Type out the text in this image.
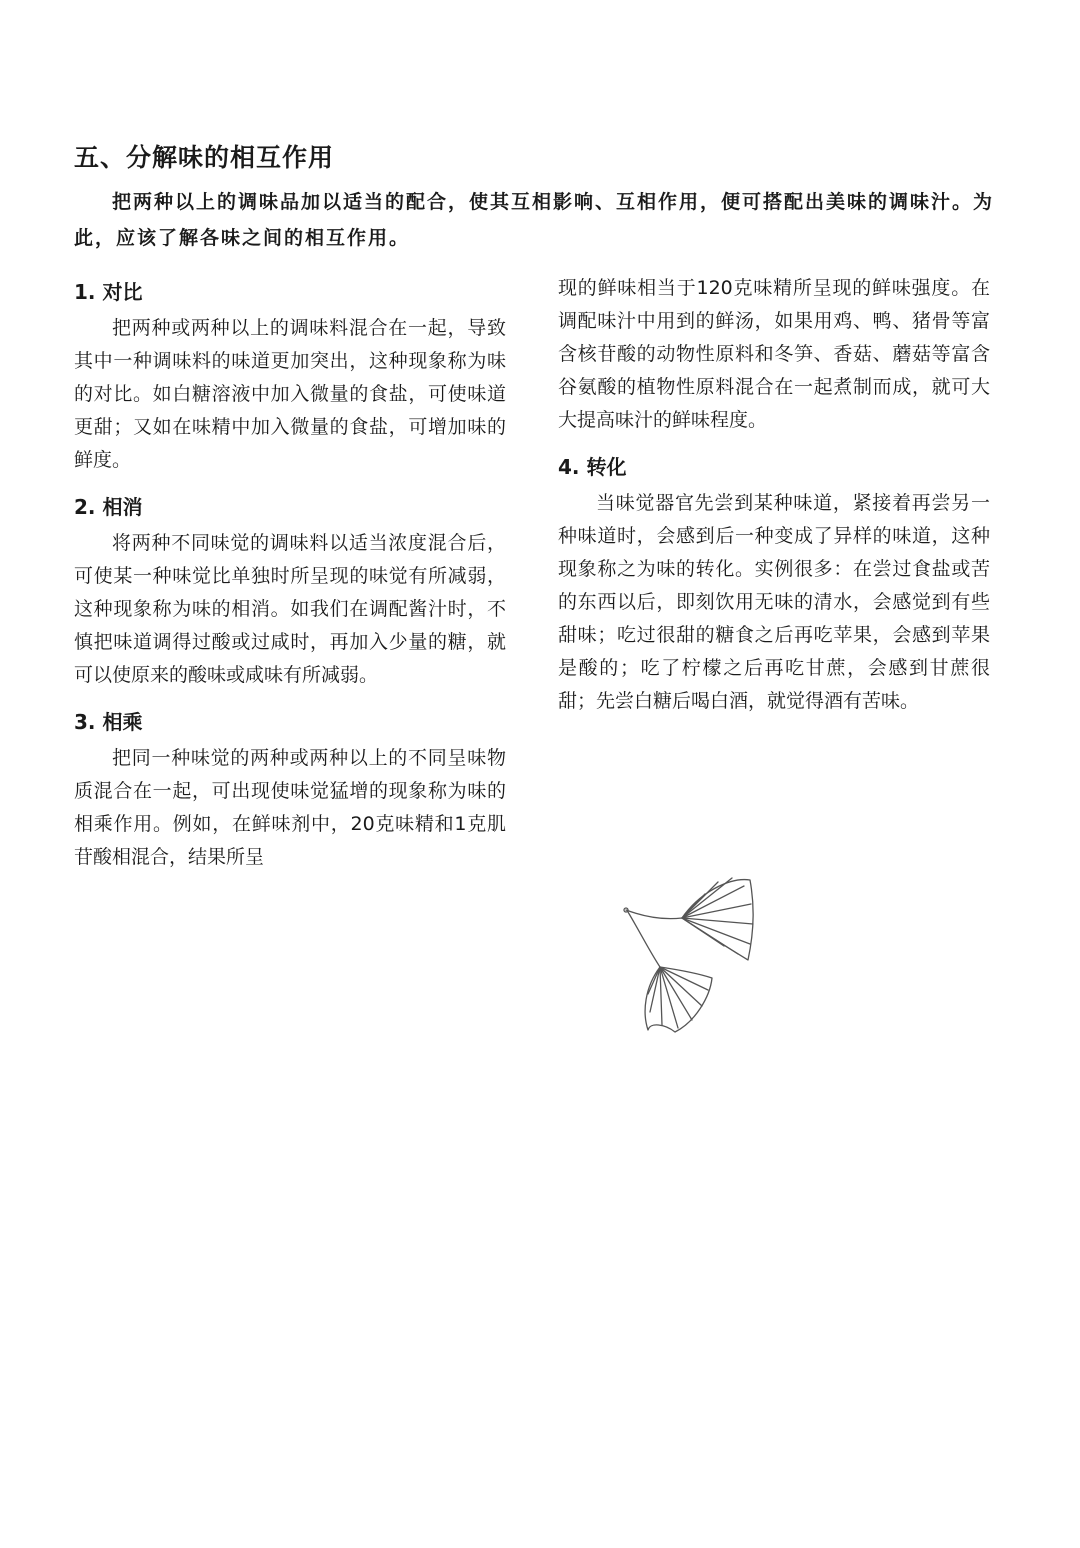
五、分解味的相互作用

把两种以上的调味品加以适当的配合，使其互相影响、互相作用，便可搭配出美味的调味汁。为此，应该了解各味之间的相互作用。

1. 对比

把两种或两种以上的调味料混合在一起，导致其中一种调味料的味道更加突出，这种现象称为味的对比。如白糖溶液中加入微量的食盐，可使味道更甜；又如在味精中加入微量的食盐，可增加味的鲜度。

2. 相消

将两种不同味觉的调味料以适当浓度混合后，可使某一种味觉比单独时所呈现的味觉有所减弱，这种现象称为味的相消。如我们在调配酱汁时，不慎把味道调得过酸或过咸时，再加入少量的糖，就可以使原来的酸味或咸味有所减弱。

3. 相乘

把同一种味觉的两种或两种以上的不同呈味物质混合在一起，可出现使味觉猛增的现象称为味的相乘作用。例如，在鲜味剂中，20克味精和1克肌苷酸相混合，结果所呈

现的鲜味相当于120克味精所呈现的鲜味强度。在调配味汁中用到的鲜汤，如果用鸡、鸭、猪骨等富含核苷酸的动物性原料和冬笋、香菇、蘑菇等富含谷氨酸的植物性原料混合在一起煮制而成，就可大大提高味汁的鲜味程度。

4. 转化

当味觉器官先尝到某种味道，紧接着再尝另一种味道时，会感到后一种变成了异样的味道，这种现象称之为味的转化。实例很多：在尝过食盐或苦的东西以后，即刻饮用无味的清水，会感觉到有些甜味；吃过很甜的糖食之后再吃苹果，会感到苹果是酸的；吃了柠檬之后再吃甘蔗，会感到甘蔗很甜；先尝白糖后喝白酒，就觉得酒有苦味。
